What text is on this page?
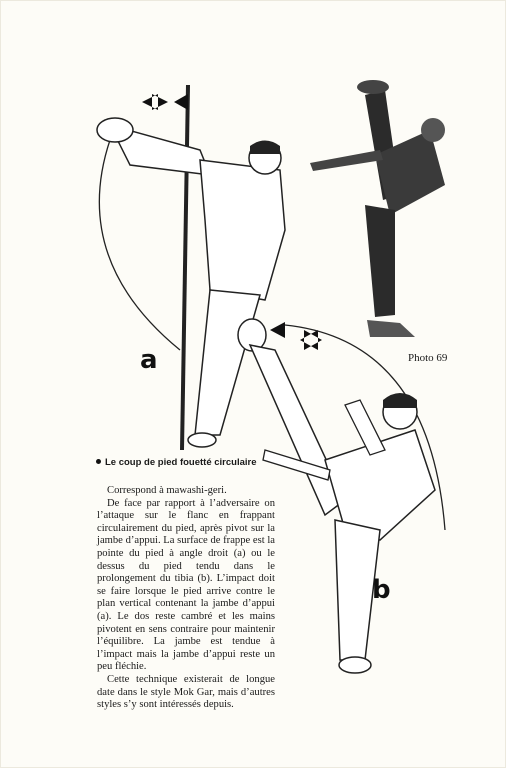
Photo 69
a
b
Le coup de pied fouetté circulaire

Correspond à mawashi-geri.

De face par rapport à l’adversaire on l’attaque sur le flanc en frappant circulairement du pied, après pivot sur la jambe d’appui. La surface de frappe est la pointe du pied à angle droit (a) ou le dessus du pied tendu dans le prolongement du tibia (b). L’impact doit se faire lorsque le pied arrive contre le plan vertical contenant la jambe d’appui (a). Le dos reste cambré et les mains pivotent en sens contraire pour maintenir l’équilibre. La jambe est tendue à l’impact mais la jambe d’appui reste un peu fléchie.

Cette technique existerait de longue date dans le style Mok Gar, mais d’autres styles s’y sont intéressés depuis.
